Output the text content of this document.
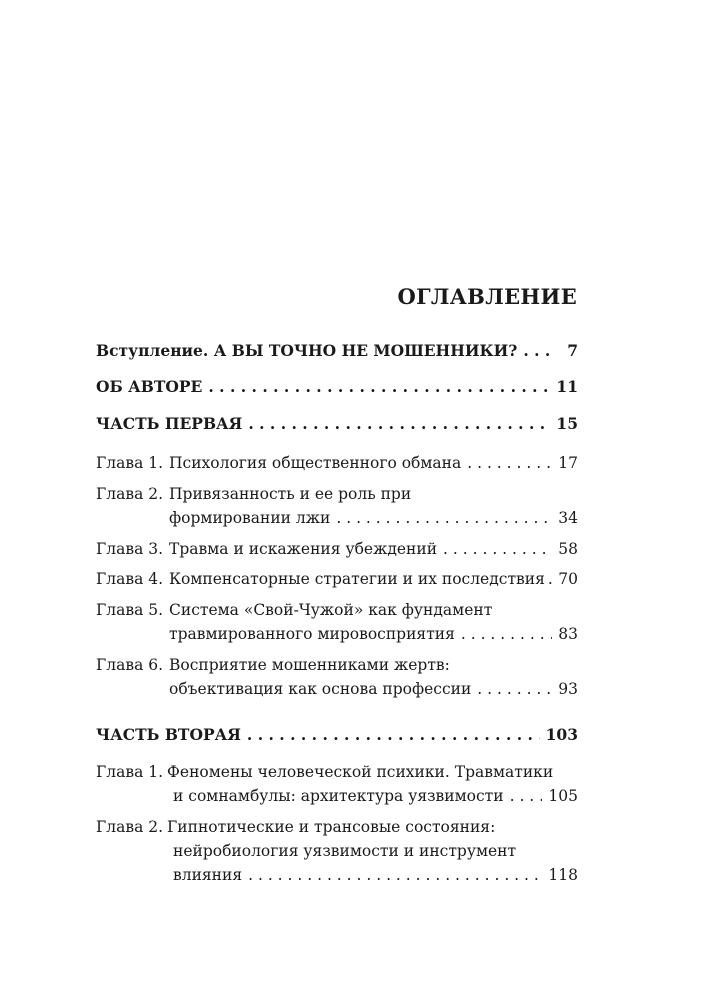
ОГЛАВЛЕНИЕ
Вступление. А ВЫ ТОЧНО НЕ МОШЕННИКИ? . . .	7
ОБ АВТОРЕ . . .	11
ЧАСТЬ ПЕРВАЯ . . .	15
Глава 1. Психология общественного обмана . . .	17
Глава 2. Привязанность и ее роль при
формировании лжи . . .	34
Глава 3. Травма и искажения убеждений . . .	58
Глава 4. Компенсаторные стратегии и их последствия . . . 70
Глава 5. Система «Свой-Чужой» как фундамент
травмированного мировосприятия . . .	83
Глава 6. Восприятие мошенниками жертв:
объективация как основа профессии . . .	93
ЧАСТЬ ВТОРАЯ . . .	103
Глава 1. Феномены человеческой психики. Травматики
и сомнамбулы: архитектура уязвимости . . .	105
Глава 2. Гипнотические и трансовые состояния:
нейробиология уязвимости и инструмент
влияния . . .	118
